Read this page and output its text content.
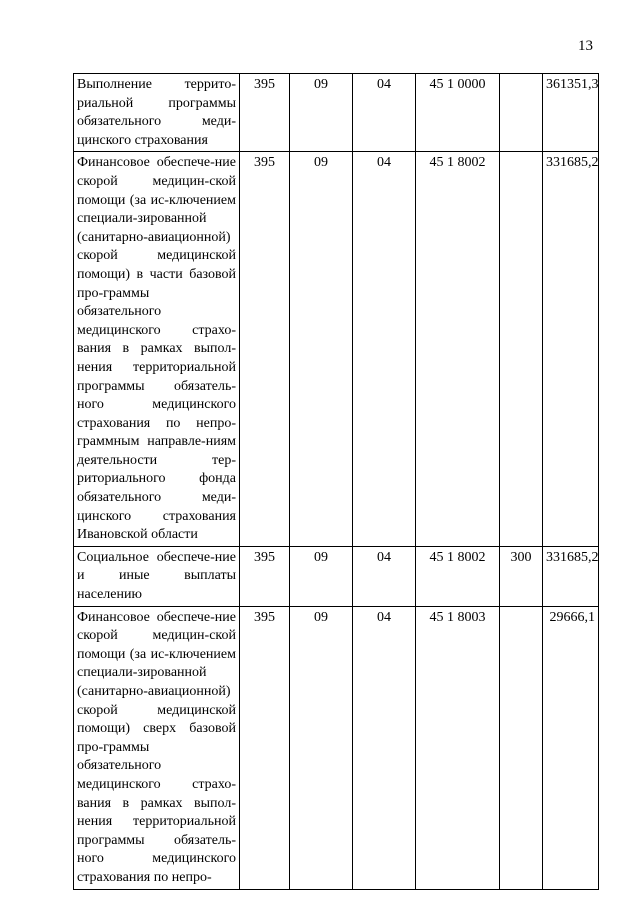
13
Выполнение террито-риальной программы обязательного меди-цинского страхования	395	09	04	45 1 0000		361351,3
Финансовое обеспече-ние скорой медицин-ской помощи (за ис-ключением специали-зированной (санитарно-авиационной) скорой медицинской помощи) в части базовой про-граммы обязательного медицинского страхо-вания в рамках выпол-нения территориальной программы обязатель-ного медицинского страхования по непро-граммным направле-ниям деятельности тер-риториального фонда обязательного меди-цинского страхования Ивановской области	395	09	04	45 1 8002		331685,2
Социальное обеспече-ние и иные выплаты населению	395	09	04	45 1 8002	300	331685,2
Финансовое обеспече-ние скорой медицин-ской помощи (за ис-ключением специали-зированной (санитарно-авиационной) скорой медицинской помощи) сверх базовой про-граммы обязательного медицинского страхо-вания в рамках выпол-нения территориальной программы обязатель-ного медицинского страхования по непро-	395	09	04	45 1 8003		29666,1
